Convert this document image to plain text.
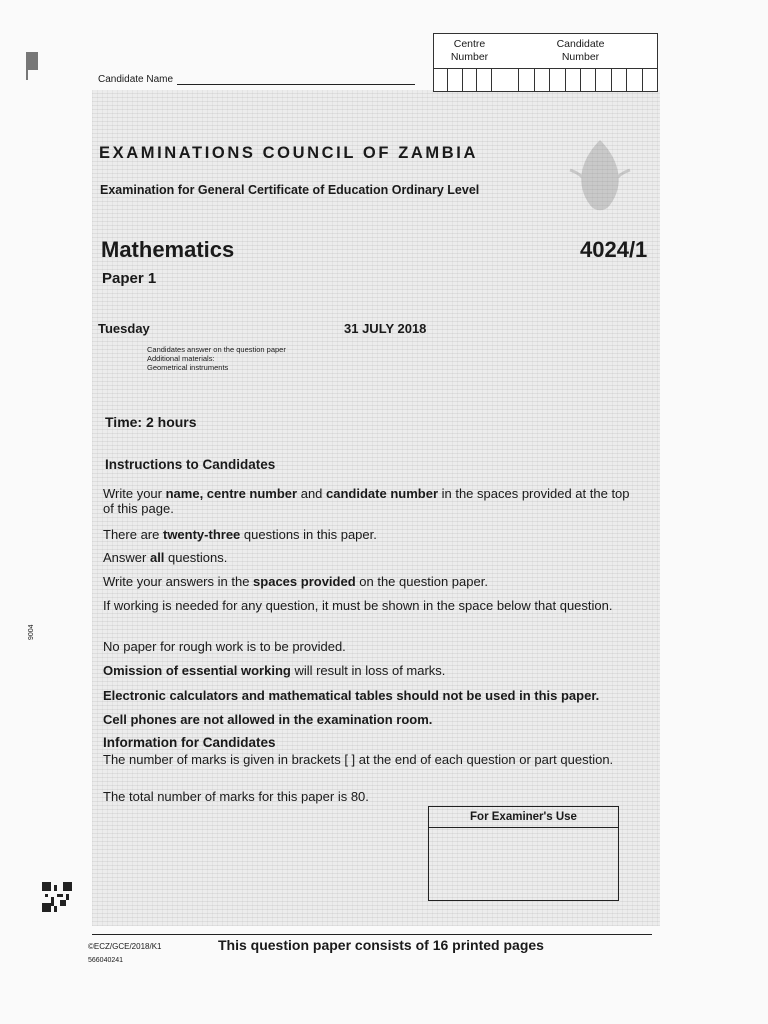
Candidate Name
Centre
Number
Candidate
Number
EXAMINATIONS COUNCIL OF ZAMBIA
Examination for General Certificate of Education Ordinary Level
Mathematics	4024/1
Paper 1
Tuesday	31 JULY 2018
Candidates answer on the question paper
Additional materials:
Geometrical instruments
Time: 2 hours
Instructions to Candidates
Write your name, centre number and candidate number in the spaces provided at the top of this page.
There are twenty-three questions in this paper.
Answer all questions.
Write your answers in the spaces provided on the question paper.
If working is needed for any question, it must be shown in the space below that question.
No paper for rough work is to be provided.
Omission of essential working will result in loss of marks.
Electronic calculators and mathematical tables should not be used in this paper.
Cell phones are not allowed in the examination room.
Information for Candidates
The number of marks is given in brackets [ ] at the end of each question or part question.
The total number of marks for this paper is 80.
For Examiner's Use
9004
©ECZ/GCE/2018/K1	This question paper consists of 16 printed pages
566040241
